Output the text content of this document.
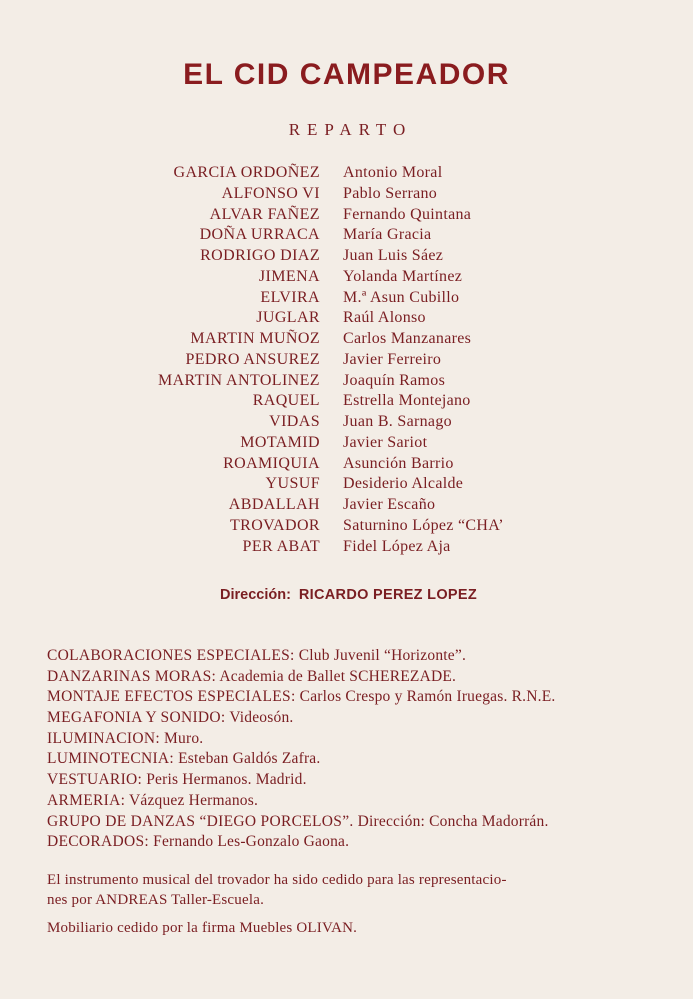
EL CID CAMPEADOR
REPARTO
GARCIA ORDOÑEZ Antonio Moral
ALFONSO VI Pablo Serrano
ALVAR FAÑEZ Fernando Quintana
DOÑA URRACA María Gracia
RODRIGO DIAZ Juan Luis Sáez
JIMENA Yolanda Martínez
ELVIRA M.ª Asun Cubillo
JUGLAR Raúl Alonso
MARTIN MUÑOZ Carlos Manzanares
PEDRO ANSUREZ Javier Ferreiro
MARTIN ANTOLINEZ Joaquín Ramos
RAQUEL Estrella Montejano
VIDAS Juan B. Sarnago
MOTAMID Javier Sariot
ROAMIQUIA Asunción Barrio
YUSUF Desiderio Alcalde
ABDALLAH Javier Escaño
TROVADOR Saturnino López “CHA’
PER ABAT Fidel López Aja
Dirección: RICARDO PEREZ LOPEZ
COLABORACIONES ESPECIALES: Club Juvenil “Horizonte”.
DANZARINAS MORAS: Academia de Ballet SCHEREZADE.
MONTAJE EFECTOS ESPECIALES: Carlos Crespo y Ramón Iruegas. R.N.E.
MEGAFONIA Y SONIDO: Videosón.
ILUMINACION: Muro.
LUMINOTECNIA: Esteban Galdós Zafra.
VESTUARIO: Peris Hermanos. Madrid.
ARMERIA: Vázquez Hermanos.
GRUPO DE DANZAS “DIEGO PORCELOS”. Dirección: Concha Madorrán.
DECORADOS: Fernando Les-Gonzalo Gaona.
El instrumento musical del trovador ha sido cedido para las representacio-
nes por ANDREAS Taller-Escuela.
Mobiliario cedido por la firma Muebles OLIVAN.
